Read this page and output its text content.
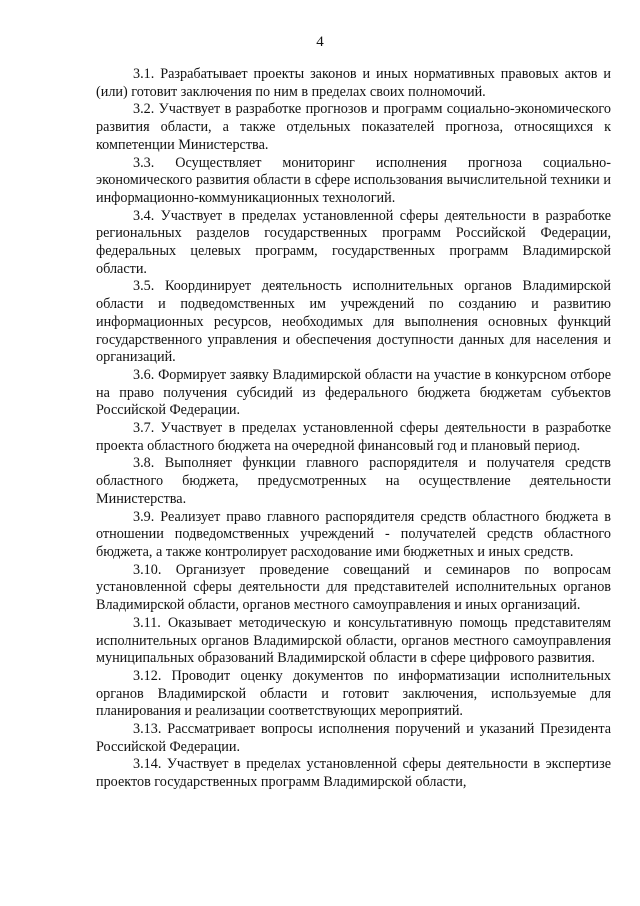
4

3.1. Разрабатывает проекты законов и иных нормативных правовых актов и (или) готовит заключения по ним в пределах своих полномочий.

3.2. Участвует в разработке прогнозов и программ социально-экономического развития области, а также отдельных показателей прогноза, относящихся к компетенции Министерства.

3.3. Осуществляет мониторинг исполнения прогноза социально-экономического развития области в сфере использования вычислительной техники и информационно-коммуникационных технологий.

3.4. Участвует в пределах установленной сферы деятельности в разработке региональных разделов государственных программ Российской Федерации, федеральных целевых программ, государственных программ Владимирской области.

3.5. Координирует деятельность исполнительных органов Владимирской области и подведомственных им учреждений по созданию и развитию информационных ресурсов, необходимых для выполнения основных функций государственного управления и обеспечения доступности данных для населения и организаций.

3.6. Формирует заявку Владимирской области на участие в конкурсном отборе на право получения субсидий из федерального бюджета бюджетам субъектов Российской Федерации.

3.7. Участвует в пределах установленной сферы деятельности в разработке проекта областного бюджета на очередной финансовый год и плановый период.

3.8. Выполняет функции главного распорядителя и получателя средств областного бюджета, предусмотренных на осуществление деятельности Министерства.

3.9. Реализует право главного распорядителя средств областного бюджета в отношении подведомственных учреждений - получателей средств областного бюджета, а также контролирует расходование ими бюджетных и иных средств.

3.10. Организует проведение совещаний и семинаров по вопросам установленной сферы деятельности для представителей исполнительных органов Владимирской области, органов местного самоуправления и иных организаций.

3.11. Оказывает методическую и консультативную помощь представителям исполнительных органов Владимирской области, органов местного самоуправления муниципальных образований Владимирской области в сфере цифрового развития.

3.12. Проводит оценку документов по информатизации исполнительных органов Владимирской области и готовит заключения, используемые для планирования и реализации соответствующих мероприятий.

3.13. Рассматривает вопросы исполнения поручений и указаний Президента Российской Федерации.

3.14. Участвует в пределах установленной сферы деятельности в экспертизе проектов государственных программ Владимирской области,
